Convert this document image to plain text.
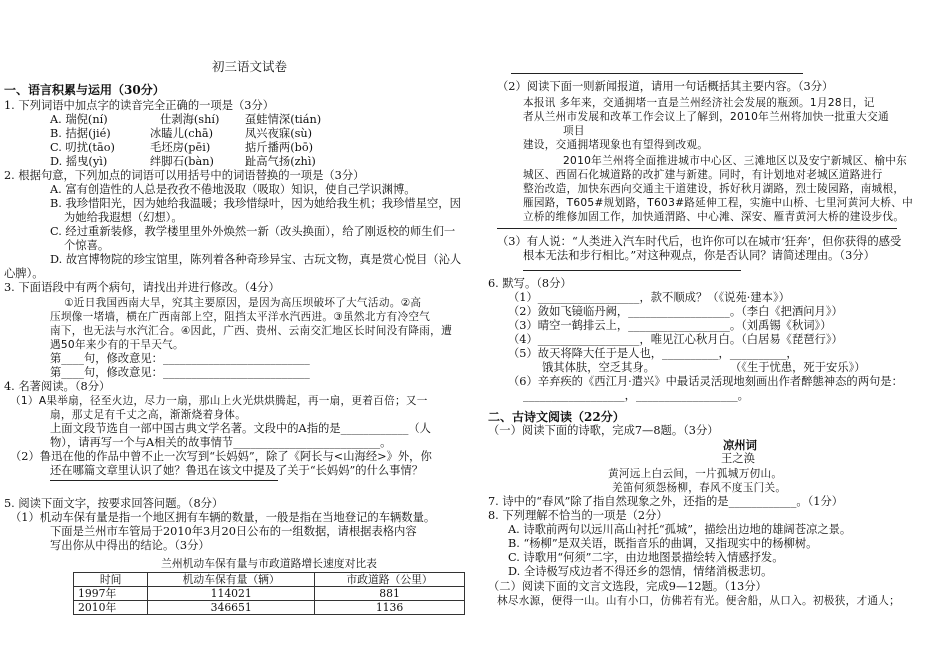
初三语文试卷
兰州机动车保有量与市政道路增长速度对比表
时间	机动车保有量（辆）	市政道路（公里）
1997年	114021	881
2010年	346651	1136
一、语言积累与运用（30分）
1. 下列词语中加点字的读音完全正确的一项是（3分）
A. 瑞倪(ní)	仕剥海(shí) 虿蛙情深(tián)
B. 拮据(jié)	冰瞌儿(chā)	凤兴夜寐(sù)
C. 叨扰(tāo)	毛坯房(pēi)	掂斤播两(bō)
D. 摇曳(yì)	绊脚石(bàn)	趾高气扬(zhì)
2. 根据句意，下列加点的词语可以用括号中的词语替换的一项是（3分）
A. 富有创造性的人总是孜孜不倦地汲取（吸取）知识，使自己学识渊博。
B. 我珍惜阳光，因为她给我温暖；我珍惜绿叶，因为她给我生机；我珍惜星空，因
为她给我遐想（幻想）。
C. 经过重新装修，教学楼里里外外焕然一新（改头换面），给了刚返校的师生们一
个惊喜。
D. 故宫博物院的珍宝馆里，陈列着各种奇珍异宝、古玩文物，真是赏心悦目（沁人
心脾）。
3. 下面语段中有两个病句，请找出并进行修改。（4分）
①近日我国西南大旱，究其主要原因，是因为高压坝破坏了大气活动。②高
压坝像一堵墙，横在广西南部上空，阻挡太平洋水汽西进。③虽然北方有冷空气
南下，也无法与水汽汇合。④因此，广西、贵州、云南交汇地区长时间没有降雨，遭
遇50年来少有的干旱天气。
第____句，修改意见：__________________________
第____句，修改意见：__________________________
4. 名著阅读。（8分）
（1）A果举扇，径至火边，尽力一扇，那山上火光烘烘腾起，再一扇，更着百倍；又一
扇，那丈足有千丈之高，渐渐烧着身体。
上面文段节选自一部中国古典文学名著。文段中的A指的是____________（人
物），请再写一个与A相关的故事情节__________________________。
（2）鲁迅在他的作品中曾不止一次写到“长妈妈”，除了《阿长与<山海经>》外，你
还在哪篇文章里认识了她？鲁迅在该文中提及了关于“长妈妈”的什么事情？
5. 阅读下面文字，按要求回答问题。（8分）
（1）机动车保有量是指一个地区拥有车辆的数量，一般是指在当地登记的车辆数量。
下面是兰州市车管局于2010年3月20日公布的一组数据，请根据表格内容
写出你从中得出的结论。（3分）
（2）阅读下面一则新闻报道，请用一句话概括其主要内容。（3分）
本报讯 多年来，交通拥堵一直是兰州经济社会发展的瓶颈。1月28日，记
者从兰州市发展和改革工作会议上了解到，2010年兰州将加快一批重大交通
项目
建设，交通拥堵现象也有望得到改观。
2010年兰州将全面推进城市中心区、三滩地区以及安宁新城区、榆中东
城区、西固石化城道路的改扩建与新建。同时，有计划地对老城区道路进行
整治改造，加快东西向交通主干道建设，拆好秋月湖路，烈士陵园路，南城根，
雁园路，T605#规划路，T603#路延伸工程，实施中山桥、七里河黄河大桥、中
立桥的维修加固工作，加快通渭路、中心滩、深安、雁青黄河大桥的建设步伐。
（3）有人说：“人类进入汽车时代后，也许你可以在城市‘狂奔’，但你获得的感受
根本无法和步行相比。”对这种观点，你是否认同？请简述理由。（3分）
6. 默写。（8分）
（1）__________________，款不顺成？（《说苑·建本》）
（2）敛如飞镜临丹阙，__________________。（李白《把酒问月》）
（3）晴空一鹤排云上，__________________。（刘禹锡《秋词》）
（4）__________________，唯见江心秋月白。（白居易《琵琶行》）
（5）故天将降大任于是人也，__________，__________，
饿其体肤，空乏其身。	（《生于忧患，死于安乐》）
（6）辛弃疾的《西江月·遣兴》中最话灵活现地刻画出作者醉態神态的两句是：
__________________，__________________。
二、古诗文阅读（22分）
（一）阅读下面的诗歌，完成7—8题。（3分）
凉州词
王之涣
黄河远上白云间，一片孤城万仞山。
羌笛何须怨杨柳，春风不度玉门关。
7. 诗中的“春风”除了指自然现象之外，还指的是____________。（1分）
8. 下列理解不恰当的一项是（2分）
A. 诗歌前两句以远川高山衬托“孤城”，描绘出边地的雄阔苍凉之景。
B. “杨柳”是双关语，既指音乐的曲调，又指现实中的杨柳树。
C. 诗歌用“何须”二字，由边地图景描绘转入情感抒发。
D. 全诗极写戍边者不得还乡的怨情，情绪消极悲切。
（二）阅读下面的文言文选段，完成9—12题。（13分）
林尽水源，便得一山。山有小口，仿佛若有光。便舍船，从口入。初极狭，才通人；
